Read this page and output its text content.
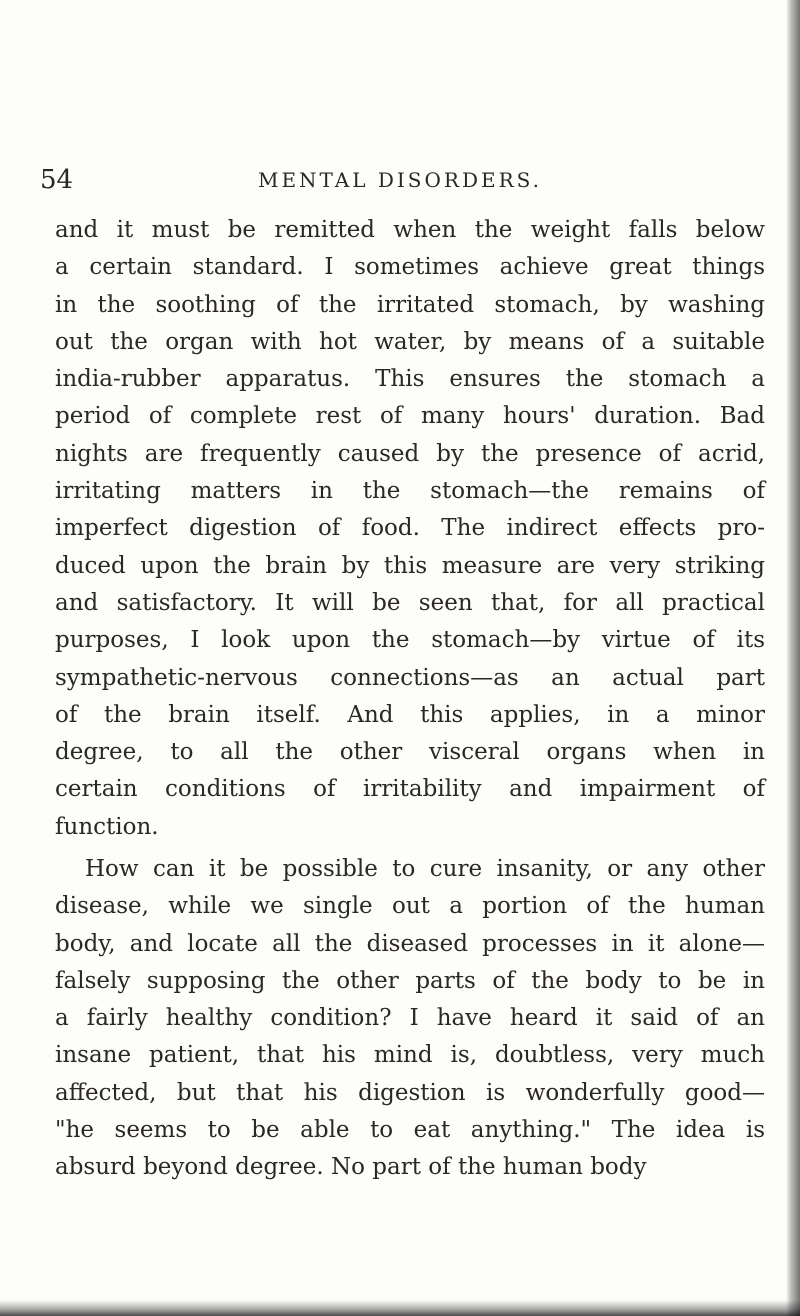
54	MENTAL DISORDERS.
and it must be remitted when the weight falls below
a certain standard. I sometimes achieve great things
in the soothing of the irritated stomach, by washing
out the organ with hot water, by means of a suitable
india-rubber apparatus. This ensures the stomach a
period of complete rest of many hours' duration. Bad
nights are frequently caused by the presence of acrid,
irritating matters in the stomach—the remains of
imperfect digestion of food. The indirect effects pro-
duced upon the brain by this measure are very striking
and satisfactory. It will be seen that, for all practical
purposes, I look upon the stomach—by virtue of its
sympathetic-nervous connections—as an actual part
of the brain itself. And this applies, in a minor
degree, to all the other visceral organs when in
certain conditions of irritability and impairment of
function.
How can it be possible to cure insanity, or any other
disease, while we single out a portion of the human
body, and locate all the diseased processes in it alone—
falsely supposing the other parts of the body to be in
a fairly healthy condition? I have heard it said of an
insane patient, that his mind is, doubtless, very much
affected, but that his digestion is wonderfully good—
"he seems to be able to eat anything." The idea is
absurd beyond degree. No part of the human body
